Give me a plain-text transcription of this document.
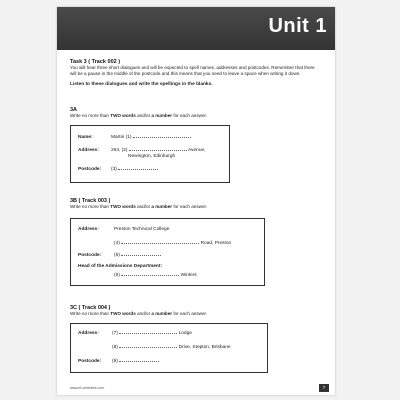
Unit 1
Task 3 ( Track 002 )
You will hear three short dialogues and will be expected to spell names, addresses and postcodes. Remember that there will be a pause in the middle of the postcode and this means that you need to leave a space when writing it down.
Listen to these dialogues and write the spellings in the blanks.
3A
Write no more than TWO words and/or a number for each answer.
Name:	Martin (1)
Address:	263, (2)	Avenue,
Newington, Edinburgh
Postcode: (3)
3B ( Track 003 )
Write no more than TWO words and/or a number for each answer.
Address:	Preston Technical College
(4)	Road, Preston
Postcode:	(5)
Head of the Admissions Department:
(6)	Winters
3C ( Track 004 )
Write no more than TWO words and/or a number for each answer.
Address:	(7)	Lodge
(8)	Drive, Stepton, Brisbane
Postcode: (9)
www.ef-centrales.com	7
